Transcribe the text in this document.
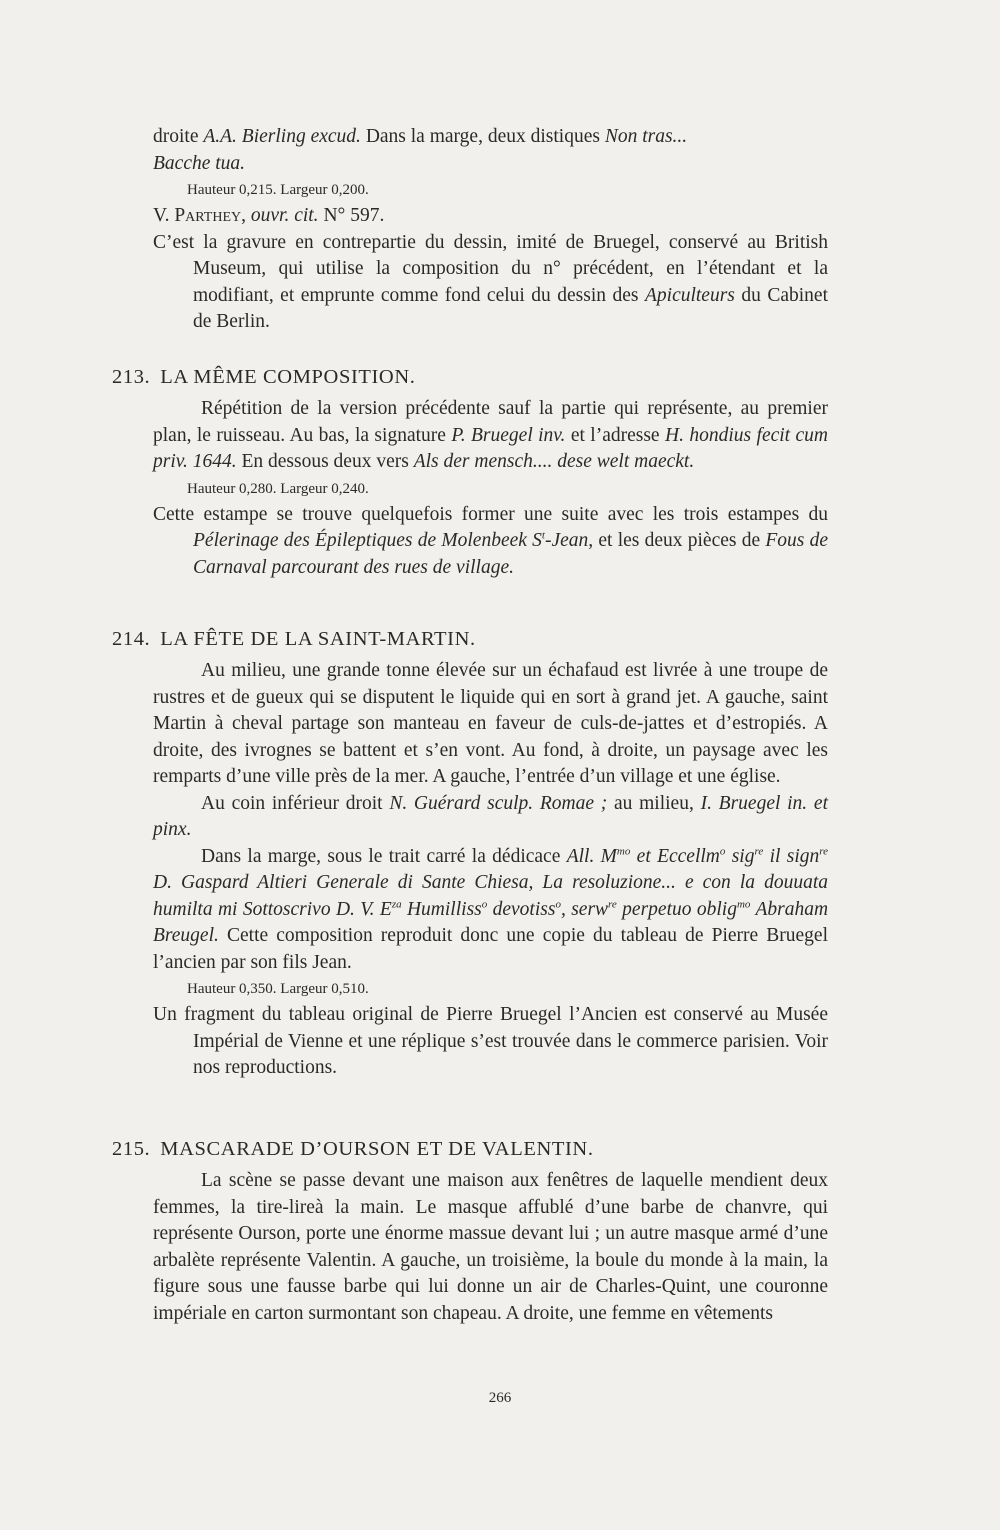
droite A.A. Bierling excud. Dans la marge, deux distiques Non tras...
Bacche tua.

Hauteur 0,215. Largeur 0,200.

V. Parthey, ouvr. cit. N° 597.

C’est la gravure en contrepartie du dessin, imité de Bruegel, conservé au British Museum, qui utilise la composition du n° précédent, en l’étendant et la modifiant, et emprunte comme fond celui du dessin des Apiculteurs du Cabinet de Berlin.

213. LA MÊME COMPOSITION.

Répétition de la version précédente sauf la partie qui représente, au premier plan, le ruisseau. Au bas, la signature P. Bruegel inv. et l’adresse H. hondius fecit cum priv. 1644. En dessous deux vers Als der mensch.... dese welt maeckt.

Hauteur 0,280. Largeur 0,240.

Cette estampe se trouve quelquefois former une suite avec les trois estampes du Pélerinage des Épileptiques de Molenbeek $S^t$-Jean, et les deux pièces de Fous de Carnaval parcourant des rues de village.

214. LA FÊTE DE LA SAINT-MARTIN.

Au milieu, une grande tonne élevée sur un échafaud est livrée à une troupe de rustres et de gueux qui se disputent le liquide qui en sort à grand jet. A gauche, saint Martin à cheval partage son manteau en faveur de culs-de-jattes et d’estropiés. A droite, des ivrognes se battent et s’en vont. Au fond, à droite, un paysage avec les remparts d’une ville près de la mer. A gauche, l’entrée d’un village et une église.

Au coin inférieur droit N. Guérard sculp. Romae ; au milieu, I. Bruegel in. et pinx.

Dans la marge, sous le trait carré la dédicace All. $M^{mo}$ et Eccellm$^o$ sig$^{re}$ il sign$^{re}$ D. Gaspard Altieri Generale di Sante Chiesa, La resoluzione... e con la douuata humilta mi Sottoscrivo D. V. $E^{za}$ Humilliss$^o$ devotiss$^o$, serw$^{re}$ perpetuo oblig$^{mo}$ Abraham Breugel. Cette composition reproduit donc une copie du tableau de Pierre Bruegel l’ancien par son fils Jean.

Hauteur 0,350. Largeur 0,510.

Un fragment du tableau original de Pierre Bruegel l’Ancien est conservé au Musée Impérial de Vienne et une réplique s’est trouvée dans le commerce parisien. Voir nos reproductions.

215. MASCARADE D’OURSON ET DE VALENTIN.

La scène se passe devant une maison aux fenêtres de laquelle mendient deux femmes, la tire-lireà la main. Le masque affublé d’une barbe de chanvre, qui représente Ourson, porte une énorme massue devant lui ; un autre masque armé d’une arbalète représente Valentin. A gauche, un troisième, la boule du monde à la main, la figure sous une fausse barbe qui lui donne un air de Charles-Quint, une couronne impériale en carton surmontant son chapeau. A droite, une femme en vêtements

266
